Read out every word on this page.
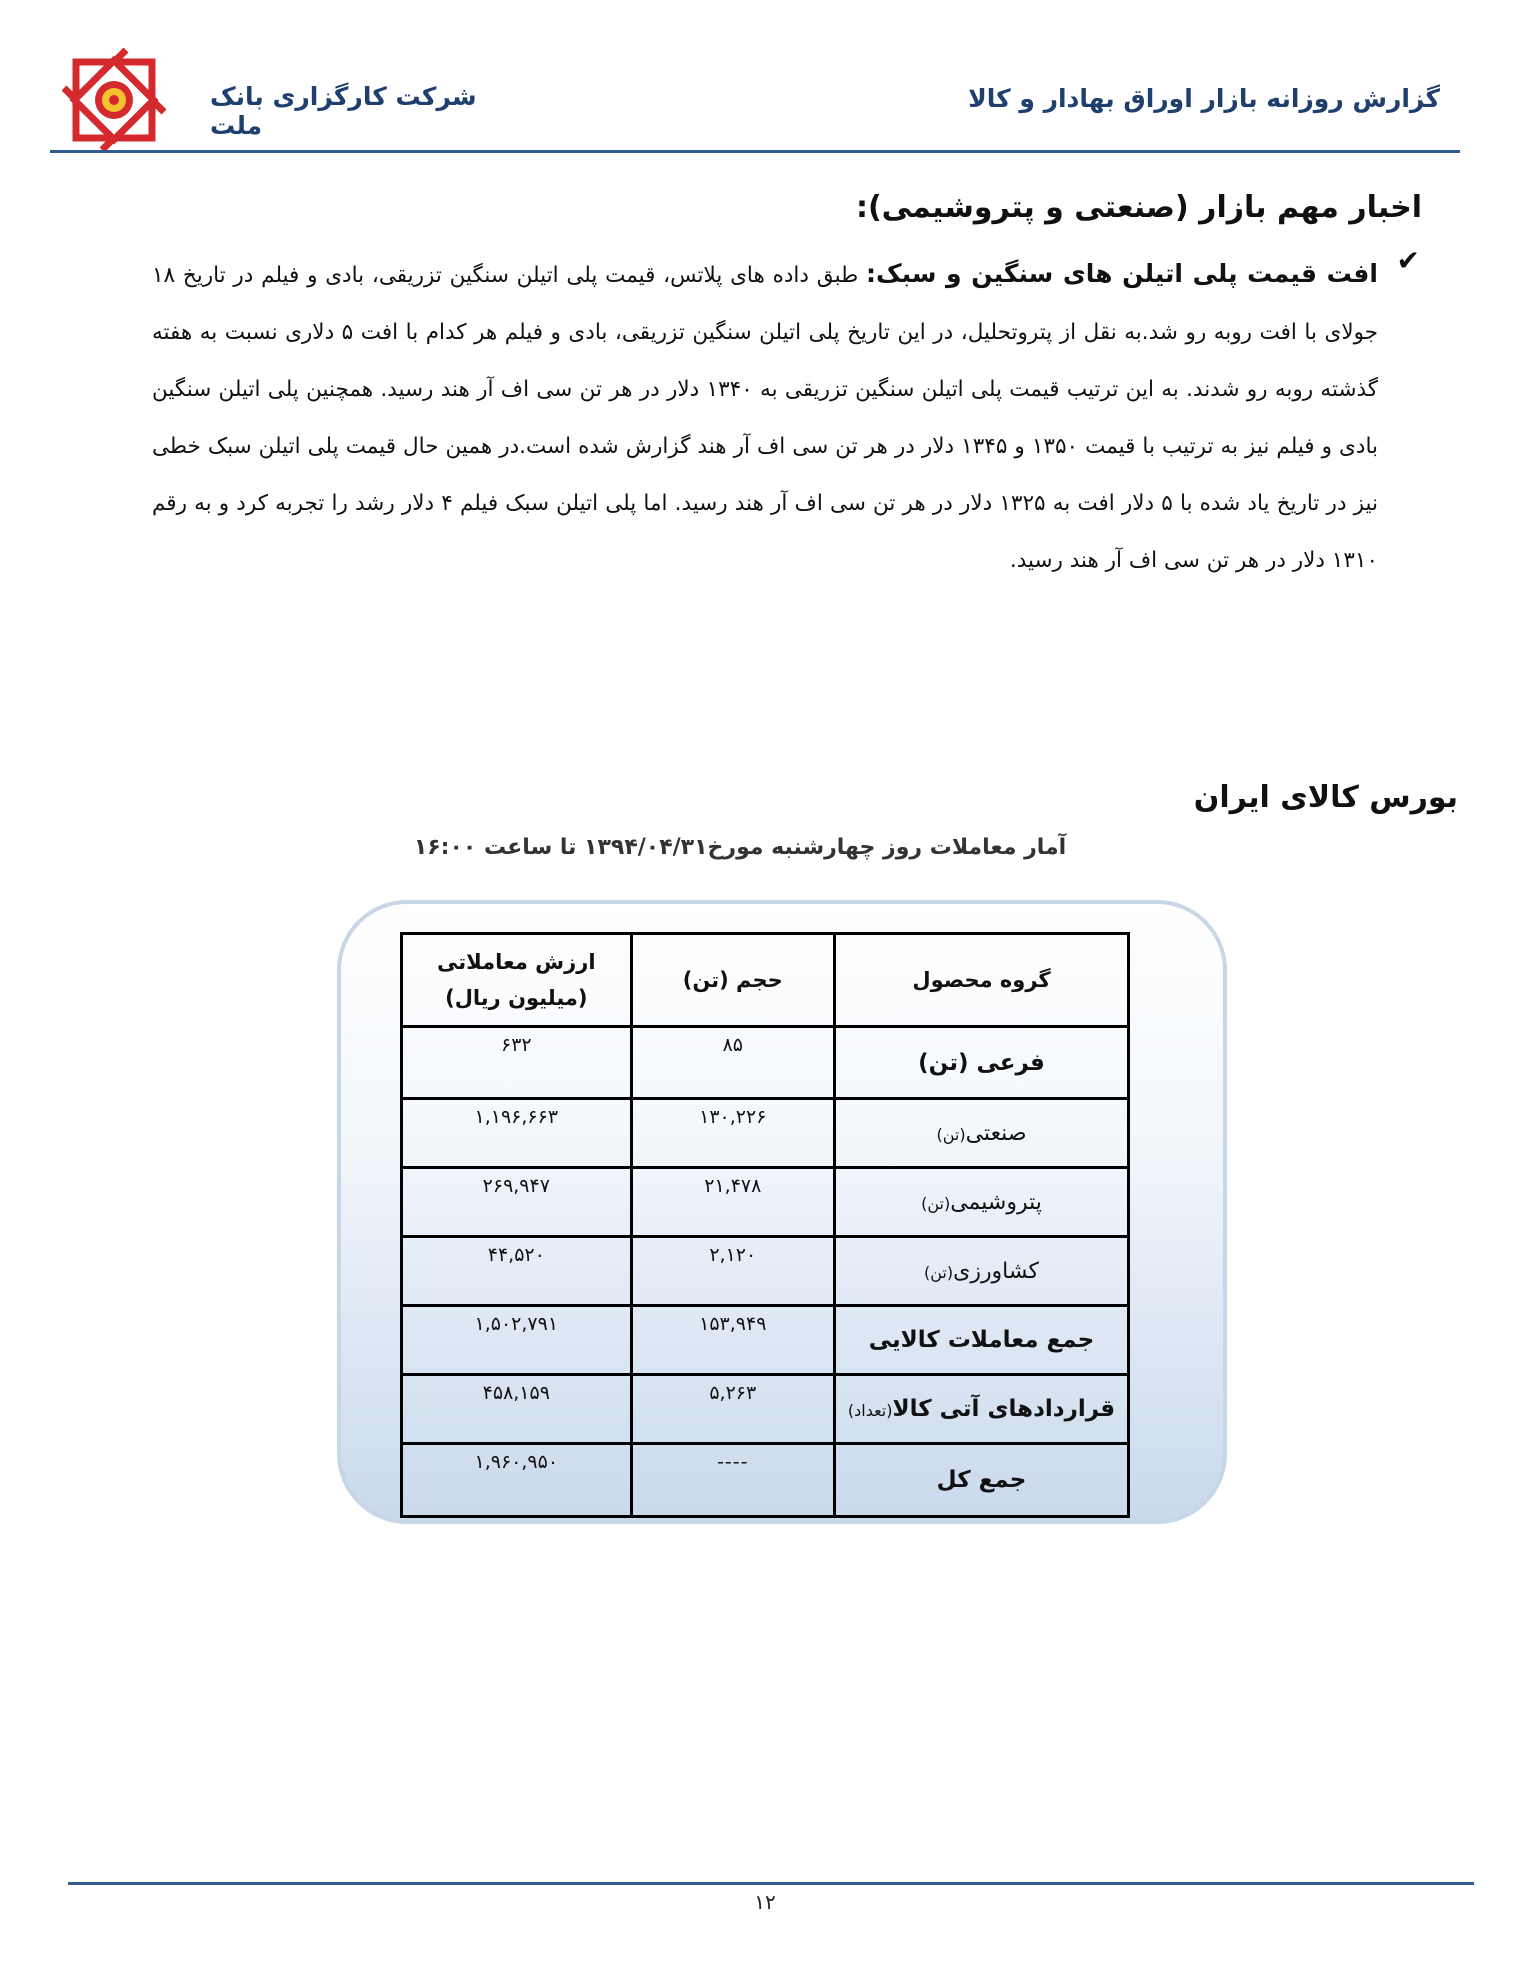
شرکت کارگزاری بانک ملت
گزارش روزانه بازار اوراق بهادار و کالا
اخبار مهم بازار (صنعتی و پتروشیمی):
✔
افت قیمت پلی اتیلن های سنگین و سبک: طبق داده های پلاتس، قیمت پلی اتیلن سنگین تزریقی، بادی و فیلم در تاریخ ۱۸ جولای با افت روبه رو شد.به نقل از پتروتحلیل، در این تاریخ پلی اتیلن سنگین تزریقی، بادی و فیلم هر کدام با افت ۵ دلاری نسبت به هفته گذشته روبه رو شدند. به این ترتیب قیمت پلی اتیلن سنگین تزریقی به ۱۳۴۰ دلار در هر تن سی اف آر هند رسید. همچنین پلی اتیلن سنگین بادی و فیلم نیز به ترتیب با قیمت ۱۳۵۰ و ۱۳۴۵ دلار در هر تن سی اف آر هند گزارش شده است.در همین حال قیمت پلی اتیلن سبک خطی نیز در تاریخ یاد شده با ۵ دلار افت به ۱۳۲۵ دلار در هر تن سی اف آر هند رسید. اما پلی اتیلن سبک فیلم ۴ دلار رشد را تجربه کرد و به رقم ۱۳۱۰ دلار در هر تن سی اف آر هند رسید.
بورس کالای ایران
آمار معاملات روز چهارشنبه مورخ۱۳۹۴/۰۴/۳۱ تا ساعت ۱۶:۰۰
گروه محصول	حجم (تن)	ارزش معاملاتی
(میلیون ریال)

فرعی (تن)	۸۵	۶۳۲
صنعتی(تن)	۱۳۰,۲۲۶	۱,۱۹۶,۶۶۳
پتروشیمی(تن)	۲۱,۴۷۸	۲۶۹,۹۴۷
کشاورزی(تن)	۲,۱۲۰	۴۴,۵۲۰
جمع معاملات کالایی	۱۵۳,۹۴۹	۱,۵۰۲,۷۹۱
قراردادهای آتی کالا(تعداد)	۵,۲۶۳	۴۵۸,۱۵۹
جمع کل	----	۱,۹۶۰,۹۵۰
۱۲
